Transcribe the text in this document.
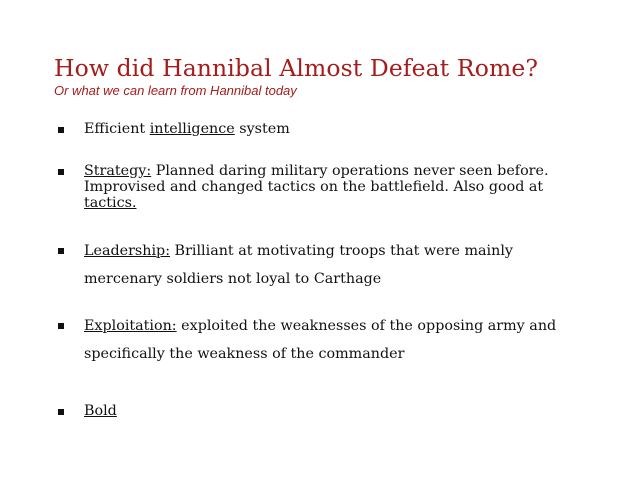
How did Hannibal Almost Defeat Rome?
Or what we can learn from Hannibal today
Efficient intelligence system
Strategy: Planned daring military operations never seen before. Improvised and changed tactics on the battlefield. Also good at tactics.
Leadership: Brilliant at motivating troops that were mainly mercenary soldiers not loyal to Carthage
Exploitation: exploited the weaknesses of the opposing army and specifically the weakness of the commander
Bold
